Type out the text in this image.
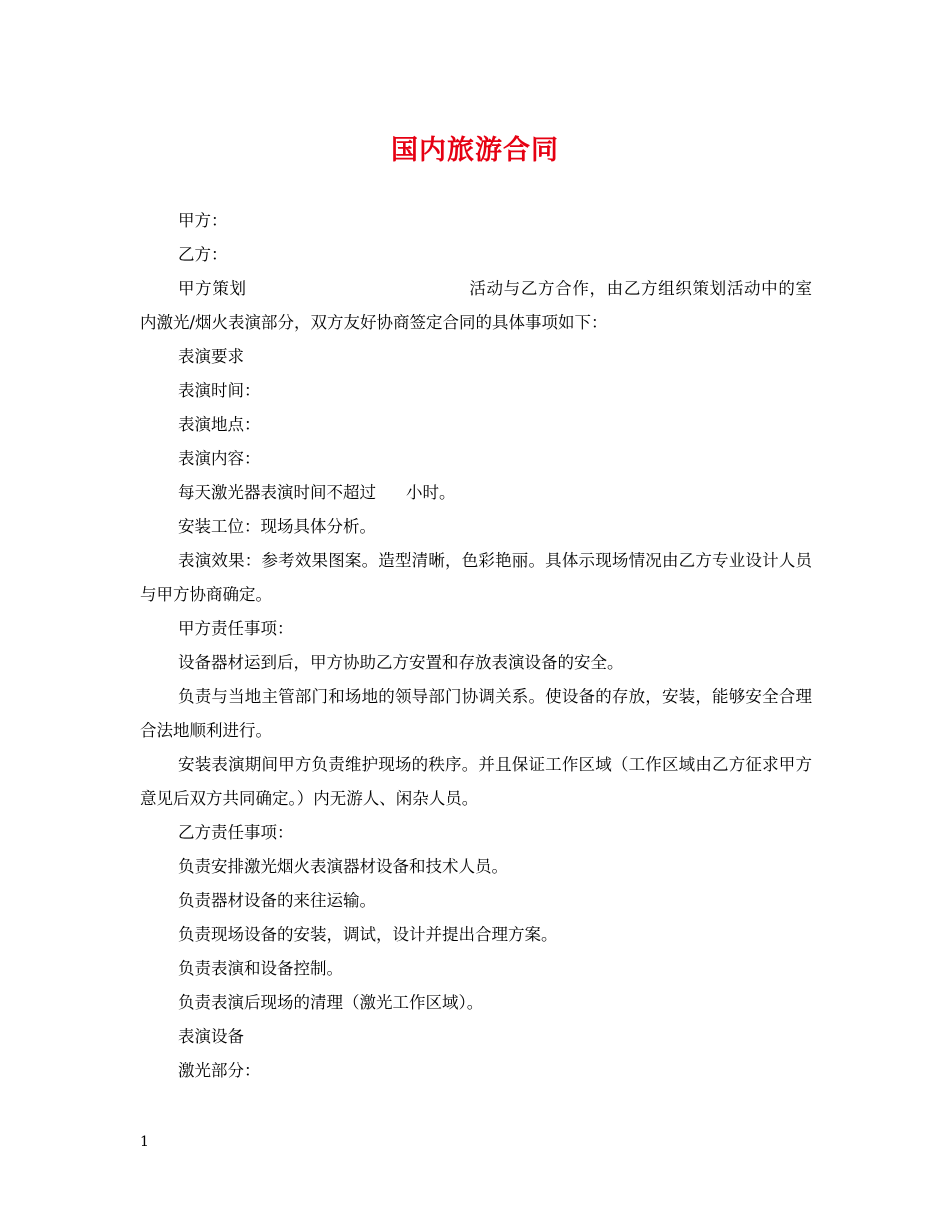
国内旅游合同

甲方：

乙方：

甲方策划	活动与乙方合作，由乙方组织策划活动中的室内激光/烟火表演部分，双方友好协商签定合同的具体事项如下：

表演要求

表演时间：

表演地点：

表演内容：

每天激光器表演时间不超过 小时。

安装工位：现场具体分析。

表演效果：参考效果图案。造型清晰，色彩艳丽。具体示现场情况由乙方专业设计人员与甲方协商确定。

甲方责任事项：

设备器材运到后，甲方协助乙方安置和存放表演设备的安全。

负责与当地主管部门和场地的领导部门协调关系。使设备的存放，安装，能够安全合理合法地顺利进行。

安装表演期间甲方负责维护现场的秩序。并且保证工作区域（工作区域由乙方征求甲方意见后双方共同确定。）内无游人、闲杂人员。

乙方责任事项：

负责安排激光烟火表演器材设备和技术人员。

负责器材设备的来往运输。

负责现场设备的安装，调试，设计并提出合理方案。

负责表演和设备控制。

负责表演后现场的清理（激光工作区域）。

表演设备

激光部分：

1
